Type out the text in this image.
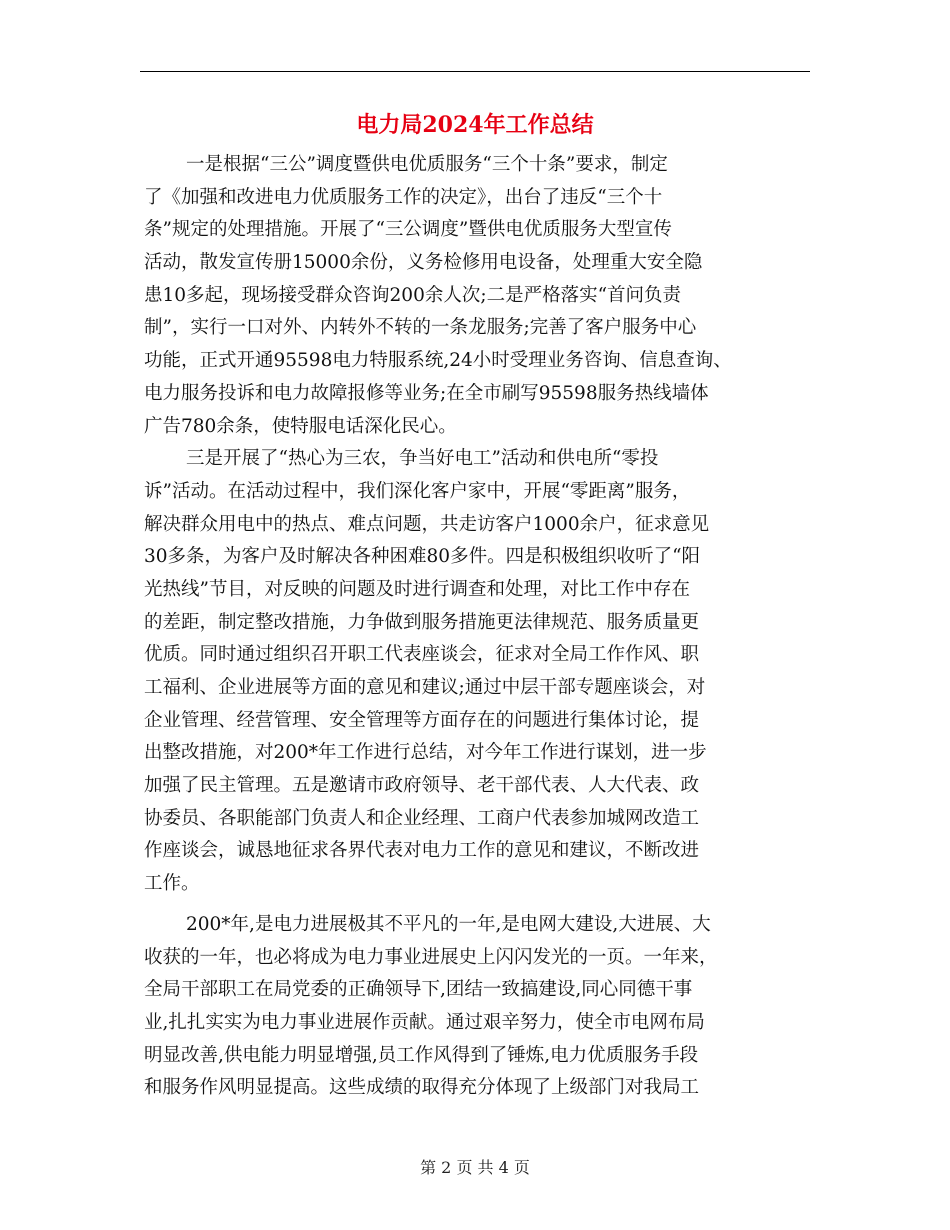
电力局2024年工作总结
一是根据“三公”调度暨供电优质服务“三个十条”要求，制定
了《加强和改进电力优质服务工作的决定》，出台了违反“三个十
条”规定的处理措施。开展了“三公调度”暨供电优质服务大型宣传
活动，散发宣传册15000余份，义务检修用电设备，处理重大安全隐
患10多起，现场接受群众咨询200余人次;二是严格落实“首问负责
制”，实行一口对外、内转外不转的一条龙服务;完善了客户服务中心
功能，正式开通95598电力特服系统,24小时受理业务咨询、信息查询、
电力服务投诉和电力故障报修等业务;在全市刷写95598服务热线墙体
广告780余条，使特服电话深化民心。
三是开展了“热心为三农，争当好电工”活动和供电所“零投
诉”活动。在活动过程中，我们深化客户家中，开展“零距离”服务，
解决群众用电中的热点、难点问题，共走访客户1000余户，征求意见
30多条，为客户及时解决各种困难80多件。四是积极组织收听了“阳
光热线”节目，对反映的问题及时进行调查和处理，对比工作中存在
的差距，制定整改措施，力争做到服务措施更法律规范、服务质量更
优质。同时通过组织召开职工代表座谈会，征求对全局工作作风、职
工福利、企业进展等方面的意见和建议;通过中层干部专题座谈会，对
企业管理、经营管理、安全管理等方面存在的问题进行集体讨论，提
出整改措施，对200*年工作进行总结，对今年工作进行谋划，进一步
加强了民主管理。五是邀请市政府领导、老干部代表、人大代表、政
协委员、各职能部门负责人和企业经理、工商户代表参加城网改造工
作座谈会，诚恳地征求各界代表对电力工作的意见和建议，不断改进
工作。
200*年,是电力进展极其不平凡的一年,是电网大建设,大进展、大
收获的一年，也必将成为电力事业进展史上闪闪发光的一页。一年来，
全局干部职工在局党委的正确领导下,团结一致搞建设,同心同德干事
业,扎扎实实为电力事业进展作贡献。通过艰辛努力，使全市电网布局
明显改善,供电能力明显增强,员工作风得到了锤炼,电力优质服务手段
和服务作风明显提高。这些成绩的取得充分体现了上级部门对我局工
第 2 页 共 4 页
